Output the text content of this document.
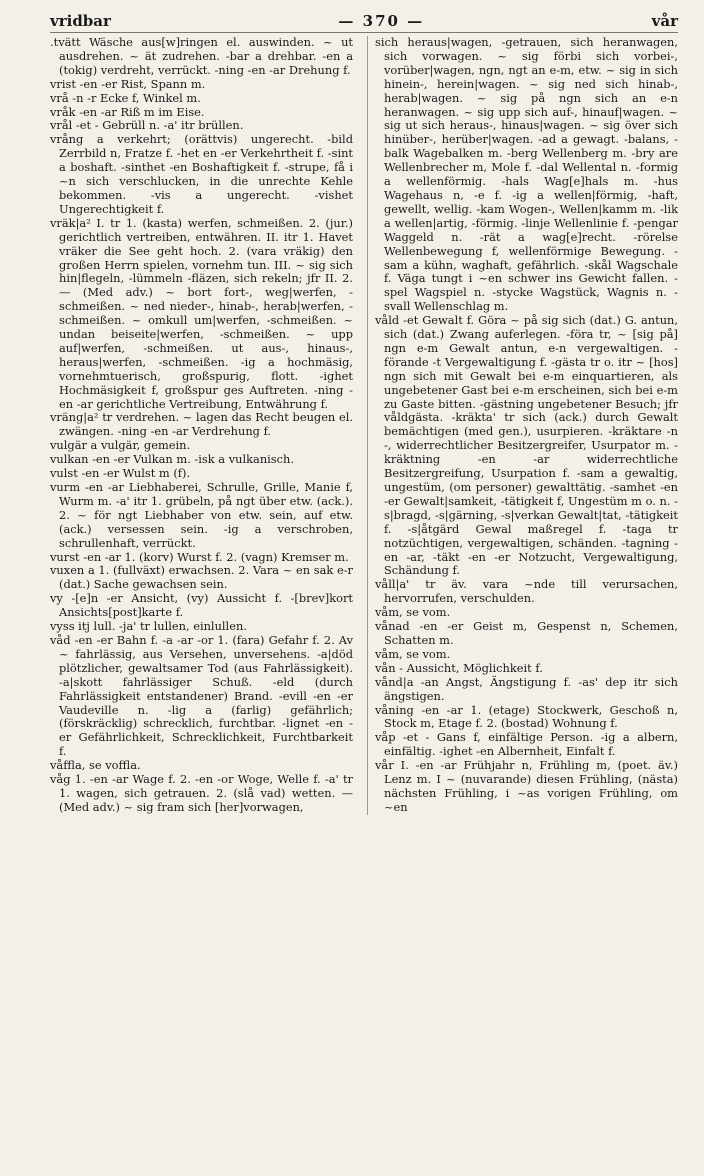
vridbar	— 370 —	vår

.tvätt Wäsche aus[w]ringen el. auswinden. ~ ut ausdrehen. ~ ät zudrehen. -bar a drehbar. -en a (tokig) verdreht, verrückt. -ning -en -ar Drehung f.

vrist -en -er Rist, Spann m.

vrå -n -r Ecke f, Winkel m.

vråk -en -ar Riß m im Eise.

vrål -et - Gebrüll n. -a' itr brüllen.

vrång a verkehrt; (orättvis) ungerecht. -bild Zerrbild n, Fratze f. -het en -er Verkehrtheit f. -sint a boshaft. -sinthet -en Boshaftigkeit f. -strupe, få i ~n sich verschlucken, in die unrechte Kehle bekommen. -vis a ungerecht. -vishet Ungerechtigkeit f.

vräk|a² I. tr 1. (kasta) werfen, schmeißen. 2. (jur.) gerichtlich vertreiben, entwähren. II. itr 1. Havet vräker die See geht hoch. 2. (vara vräkig) den großen Herrn spielen, vornehm tun. III. ~ sig sich hin|flegeln, -lümmeln -fläzen, sich rekeln; jfr II. 2. — (Med adv.) ~ bort fort-, weg|werfen, -schmeißen. ~ ned nieder-, hinab-, herab|werfen, -schmeißen. ~ omkull um|werfen, -schmeißen. ~ undan beiseite|werfen, -schmeißen. ~ upp auf|werfen, -schmeißen. ut aus-, hinaus-, heraus|werfen, -schmeißen. -ig a hochmäsig, vornehmtuerisch, großspurig, flott. -ighet Hochmäsigkeit f, großspur ges Auftreten. -ning -en -ar gerichtliche Vertreibung, Entwährung f.

vräng|a² tr verdrehen. ~ lagen das Recht beugen el. zwängen. -ning -en -ar Verdrehung f.

vulgär a vulgär, gemein.

vulkan -en -er Vulkan m. -isk a vulkanisch.

vulst -en -er Wulst m (f).

vurm -en -ar Liebhaberei, Schrulle, Grille, Manie f, Wurm m. -a' itr 1. grübeln, på ngt über etw. (ack.). 2. ~ för ngt Liebhaber von etw. sein, auf etw. (ack.) versessen sein. -ig a verschroben, schrullenhaft, verrückt.

vurst -en -ar 1. (korv) Wurst f. 2. (vagn) Kremser m.

vuxen a 1. (fullväxt) erwachsen. 2. Vara ~ en sak e-r (dat.) Sache gewachsen sein.

vy -[e]n -er Ansicht, (vy) Aussicht f. -[brev]kort Ansichts[post]karte f.

vyss itj lull. -ja' tr lullen, einlullen.

våd -en -er Bahn f. -a -ar -or 1. (fara) Gefahr f. 2. Av ~ fahrlässig, aus Versehen, unversehens. -a|död plötzlicher, gewaltsamer Tod (aus Fahrlässigkeit). -a|skott fahrlässiger Schuß. -eld (durch Fahrlässigkeit entstandener) Brand. -evill -en -er Vaudeville n. -lig a (farlig) gefährlich; (förskräcklig) schrecklich, furchtbar. -lignet -en -er Gefährlichkeit, Schrecklichkeit, Furchtbarkeit f.

våffla, se voffla.

våg 1. -en -ar Wage f. 2. -en -or Woge, Welle f. -a' tr 1. wagen, sich getrauen. 2. (slå vad) wetten. — (Med adv.) ~ sig fram sich [her]vorwagen,

sich heraus|wagen, -getrauen, sich heranwagen, sich vorwagen. ~ sig förbi sich vorbei-, vorüber|wagen, ngn, ngt an e-m, etw. ~ sig in sich hinein-, herein|wagen. ~ sig ned sich hinab-, herab|wagen. ~ sig på ngn sich an e-n heranwagen. ~ sig upp sich auf-, hinauf|wagen. ~ sig ut sich heraus-, hinaus|wagen. ~ sig över sich hinüber-, herüber|wagen. -ad a gewagt. -balans, -balk Wagebalken m. -berg Wellenberg m. -bry are Wellenbrecher m, Mole f. -dal Wellental n. -formig a wellenförmig. -hals Wag[e]hals m. -hus Wagehaus n, -e f. -ig a wellen|förmig, -haft, gewellt, wellig. -kam Wogen-, Wellen|kamm m. -lik a wellen|artig, -förmig. -linje Wellenlinie f. -pengar Waggeld n. -rät a wag[e]recht. -rörelse Wellenbewegung f, wellenförmige Bewegung. -sam a kühn, waghaft, gefährlich. -skål Wagschale f. Väga tungt i ~en schwer ins Gewicht fallen. -spel Wagspiel n. -stycke Wagstück, Wagnis n. -svall Wellenschlag m.

våld -et Gewalt f. Göra ~ på sig sich (dat.) G. antun, sich (dat.) Zwang auferlegen. -föra tr, ~ [sig på] ngn e-m Gewalt antun, e-n vergewaltigen. -förande -t Vergewaltigung f. -gästa tr o. itr ~ [hos] ngn sich mit Gewalt bei e-m einquartieren, als ungebetener Gast bei e-m erscheinen, sich bei e-m zu Gaste bitten. -gästning ungebetener Besuch; jfr våldgästa. -kräkta' tr sich (ack.) durch Gewalt bemächtigen (med gen.), usurpieren. -kräktare -n -, widerrechtlicher Besitzergreifer, Usurpator m. -kräktning -en -ar widerrechtliche Besitzergreifung, Usurpation f. -sam a gewaltig, ungestüm, (om personer) gewalttätig. -samhet -en -er Gewalt|samkeit, -tätigkeit f, Ungestüm m o. n. -s|bragd, -s|gärning, -s|verkan Gewalt|tat, -tätigkeit f. -s|åtgärd Gewal maßregel f. -taga tr notzüchtigen, vergewaltigen, schänden. -tagning -en -ar, -täkt -en -er Notzucht, Vergewaltigung, Schändung f.

våll|a' tr äv. vara ~nde till verursachen, hervorrufen, verschulden.

våm, se vom.

vånad -en -er Geist m, Gespenst n, Schemen, Schatten m.

våm, se vom.

vån - Aussicht, Möglichkeit f.

vånd|a -an Angst, Ängstigung f. -as' dep itr sich ängstigen.

våning -en -ar 1. (etage) Stockwerk, Geschoß n, Stock m, Etage f. 2. (bostad) Wohnung f.

våp -et - Gans f, einfältige Person. -ig a albern, einfältig. -ighet -en Albernheit, Einfalt f.

vår I. -en -ar Frühjahr n, Frühling m, (poet. äv.) Lenz m. I ~ (nuvarande) diesen Frühling, (nästa) nächsten Frühling, i ~as vorigen Frühling, om ~en
